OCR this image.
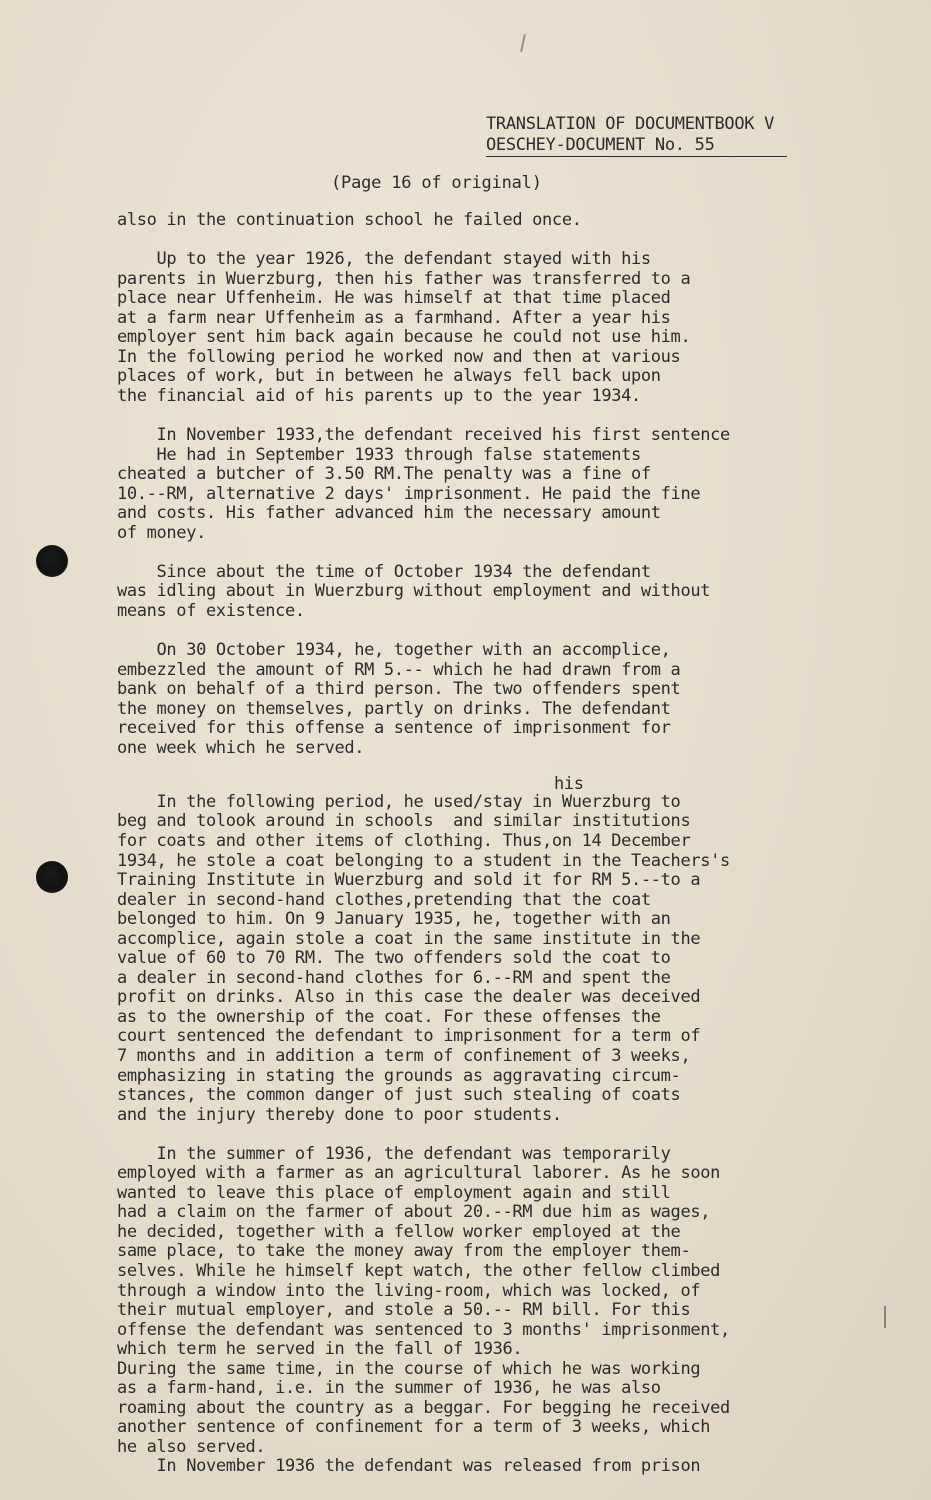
TRANSLATION OF DOCUMENTBOOK V
OESCHEY-DOCUMENT No. 55
(Page 16 of original)
also in the continuation school he failed once.
Up to the year 1926, the defendant stayed with his
parents in Wuerzburg, then his father was transferred to a
place near Uffenheim. He was himself at that time placed
at a farm near Uffenheim as a farmhand. After a year his
employer sent him back again because he could not use him.
In the following period he worked now and then at various
places of work, but in between he always fell back upon
the financial aid of his parents up to the year 1934.
In November 1933,the defendant received his first sentence
He had in September 1933 through false statements
cheated a butcher of 3.50 RM.The penalty was a fine of
10.--RM, alternative 2 days' imprisonment. He paid the fine
and costs. His father advanced him the necessary amount
of money.
Since about the time of October 1934 the defendant
was idling about in Wuerzburg without employment and without
means of existence.
On 30 October 1934, he, together with an accomplice,
embezzled the amount of RM 5.-- which he had drawn from a
bank on behalf of a third person. The two offenders spent
the money on themselves, partly on drinks. The defendant
received for this offense a sentence of imprisonment for
one week which he served.
his
In the following period, he used/stay in Wuerzburg to
beg and tolook around in schools  and similar institutions
for coats and other items of clothing. Thus,on 14 December
1934, he stole a coat belonging to a student in the Teachers's
Training Institute in Wuerzburg and sold it for RM 5.--to a
dealer in second-hand clothes,pretending that the coat
belonged to him. On 9 January 1935, he, together with an
accomplice, again stole a coat in the same institute in the
value of 60 to 70 RM. The two offenders sold the coat to
a dealer in second-hand clothes for 6.--RM and spent the
profit on drinks. Also in this case the dealer was deceived
as to the ownership of the coat. For these offenses the
court sentenced the defendant to imprisonment for a term of
7 months and in addition a term of confinement of 3 weeks,
emphasizing in stating the grounds as aggravating circum-
stances, the common danger of just such stealing of coats
and the injury thereby done to poor students.
In the summer of 1936, the defendant was temporarily
employed with a farmer as an agricultural laborer. As he soon
wanted to leave this place of employment again and still
had a claim on the farmer of about 20.--RM due him as wages,
he decided, together with a fellow worker employed at the
same place, to take the money away from the employer them-
selves. While he himself kept watch, the other fellow climbed
through a window into the living-room, which was locked, of
their mutual employer, and stole a 50.-- RM bill. For this
offense the defendant was sentenced to 3 months' imprisonment,
which term he served in the fall of 1936.
During the same time, in the course of which he was working
as a farm-hand, i.e. in the summer of 1936, he was also
roaming about the country as a beggar. For begging he received
another sentence of confinement for a term of 3 weeks, which
he also served.
In November 1936 the defendant was released from prison
